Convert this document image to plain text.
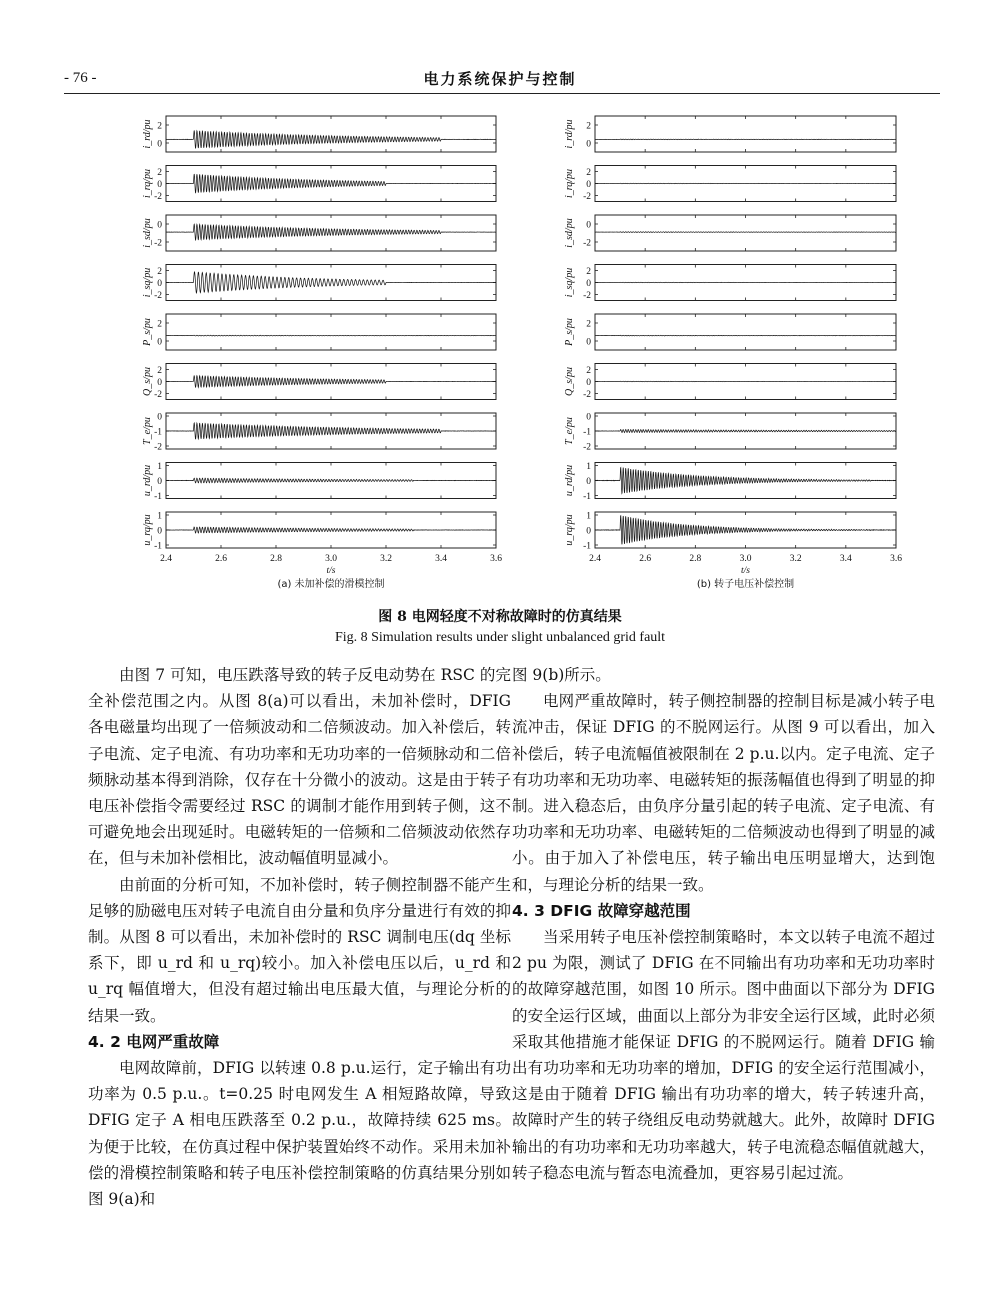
- 76 -	电力系统保护与控制
2
0
i_rd/pu
2
0
-2
i_rq/pu
0
-2
i_sd/pu
2
0
-2
i_sq/pu
2
0
P_s/pu
2
0
-2
Q_s/pu
0
-1
-2
T_e/pu
1
0
-1
u_rd/pu
1
0
-1
u_rq/pu
2.4	2.6	2.8	3.0	3.2	3.4	3.6
t/s
(a) 未加补偿的滑模控制
2
0
i_rd/pu
2
0
-2
i_rq/pu
0
-2
i_sd/pu
2
0
-2
i_sq/pu
2
0
P_s/pu
2
0
-2
Q_s/pu
0
-1
-2
T_e/pu
1
0
-1
u_rd/pu
1
0
-1
u_rq/pu
2.4	2.6	2.8	3.0	3.2	3.4	3.6
t/s
(b) 转子电压补偿控制
图 8 电网轻度不对称故障时的仿真结果
Fig. 8 Simulation results under slight unbalanced grid fault

由图 7 可知，电压跌落导致的转子反电动势在 RSC 的完全补偿范围之内。从图 8(a)可以看出，未加补偿时，DFIG 各电磁量均出现了一倍频波动和二倍频波动。加入补偿后，转子电流、定子电流、有功功率和无功功率的一倍频脉动和二倍频脉动基本得到消除，仅存在十分微小的波动。这是由于转子电压补偿指令需要经过 RSC 的调制才能作用到转子侧，这不可避免地会出现延时。电磁转矩的一倍频和二倍频波动依然存在，但与未加补偿相比，波动幅值明显减小。

由前面的分析可知，不加补偿时，转子侧控制器不能产生足够的励磁电压对转子电流自由分量和负序分量进行有效的抑制。从图 8 可以看出，未加补偿时的 RSC 调制电压(dq 坐标系下，即 u_rd 和 u_rq)较小。加入补偿电压以后，u_rd 和 u_rq 幅值增大，但没有超过输出电压最大值，与理论分析的结果一致。

4. 2 电网严重故障

电网故障前，DFIG 以转速 0.8 p.u.运行，定子输出有功功率为 0.5 p.u.。t=0.25 时电网发生 A 相短路故障，导致 DFIG 定子 A 相电压跌落至 0.2 p.u.，故障持续 625 ms。为便于比较，在仿真过程中保护装置始终不动作。采用未加补偿的滑模控制策略和转子电压补偿控制策略的仿真结果分别如图 9(a)和

图 9(b)所示。

电网严重故障时，转子侧控制器的控制目标是减小转子电流冲击，保证 DFIG 的不脱网运行。从图 9 可以看出，加入补偿后，转子电流幅值被限制在 2 p.u.以内。定子电流、定子有功功率和无功功率、电磁转矩的振荡幅值也得到了明显的抑制。进入稳态后，由负序分量引起的转子电流、定子电流、有功功率和无功功率、电磁转矩的二倍频波动也得到了明显的减小。由于加入了补偿电压，转子输出电压明显增大，达到饱和，与理论分析的结果一致。

4. 3 DFIG 故障穿越范围

当采用转子电压补偿控制策略时，本文以转子电流不超过 2 pu 为限，测试了 DFIG 在不同输出有功功率和无功功率时的故障穿越范围，如图 10 所示。图中曲面以下部分为 DFIG 的安全运行区域，曲面以上部分为非安全运行区域，此时必须采取其他措施才能保证 DFIG 的不脱网运行。随着 DFIG 输出有功功率和无功功率的增加，DFIG 的安全运行范围减小，这是由于随着 DFIG 输出有功功率的增大，转子转速升高，故障时产生的转子绕组反电动势就越大。此外，故障时 DFIG 输出的有功功率和无功功率越大，转子电流稳态幅值就越大，转子稳态电流与暂态电流叠加，更容易引起过流。
